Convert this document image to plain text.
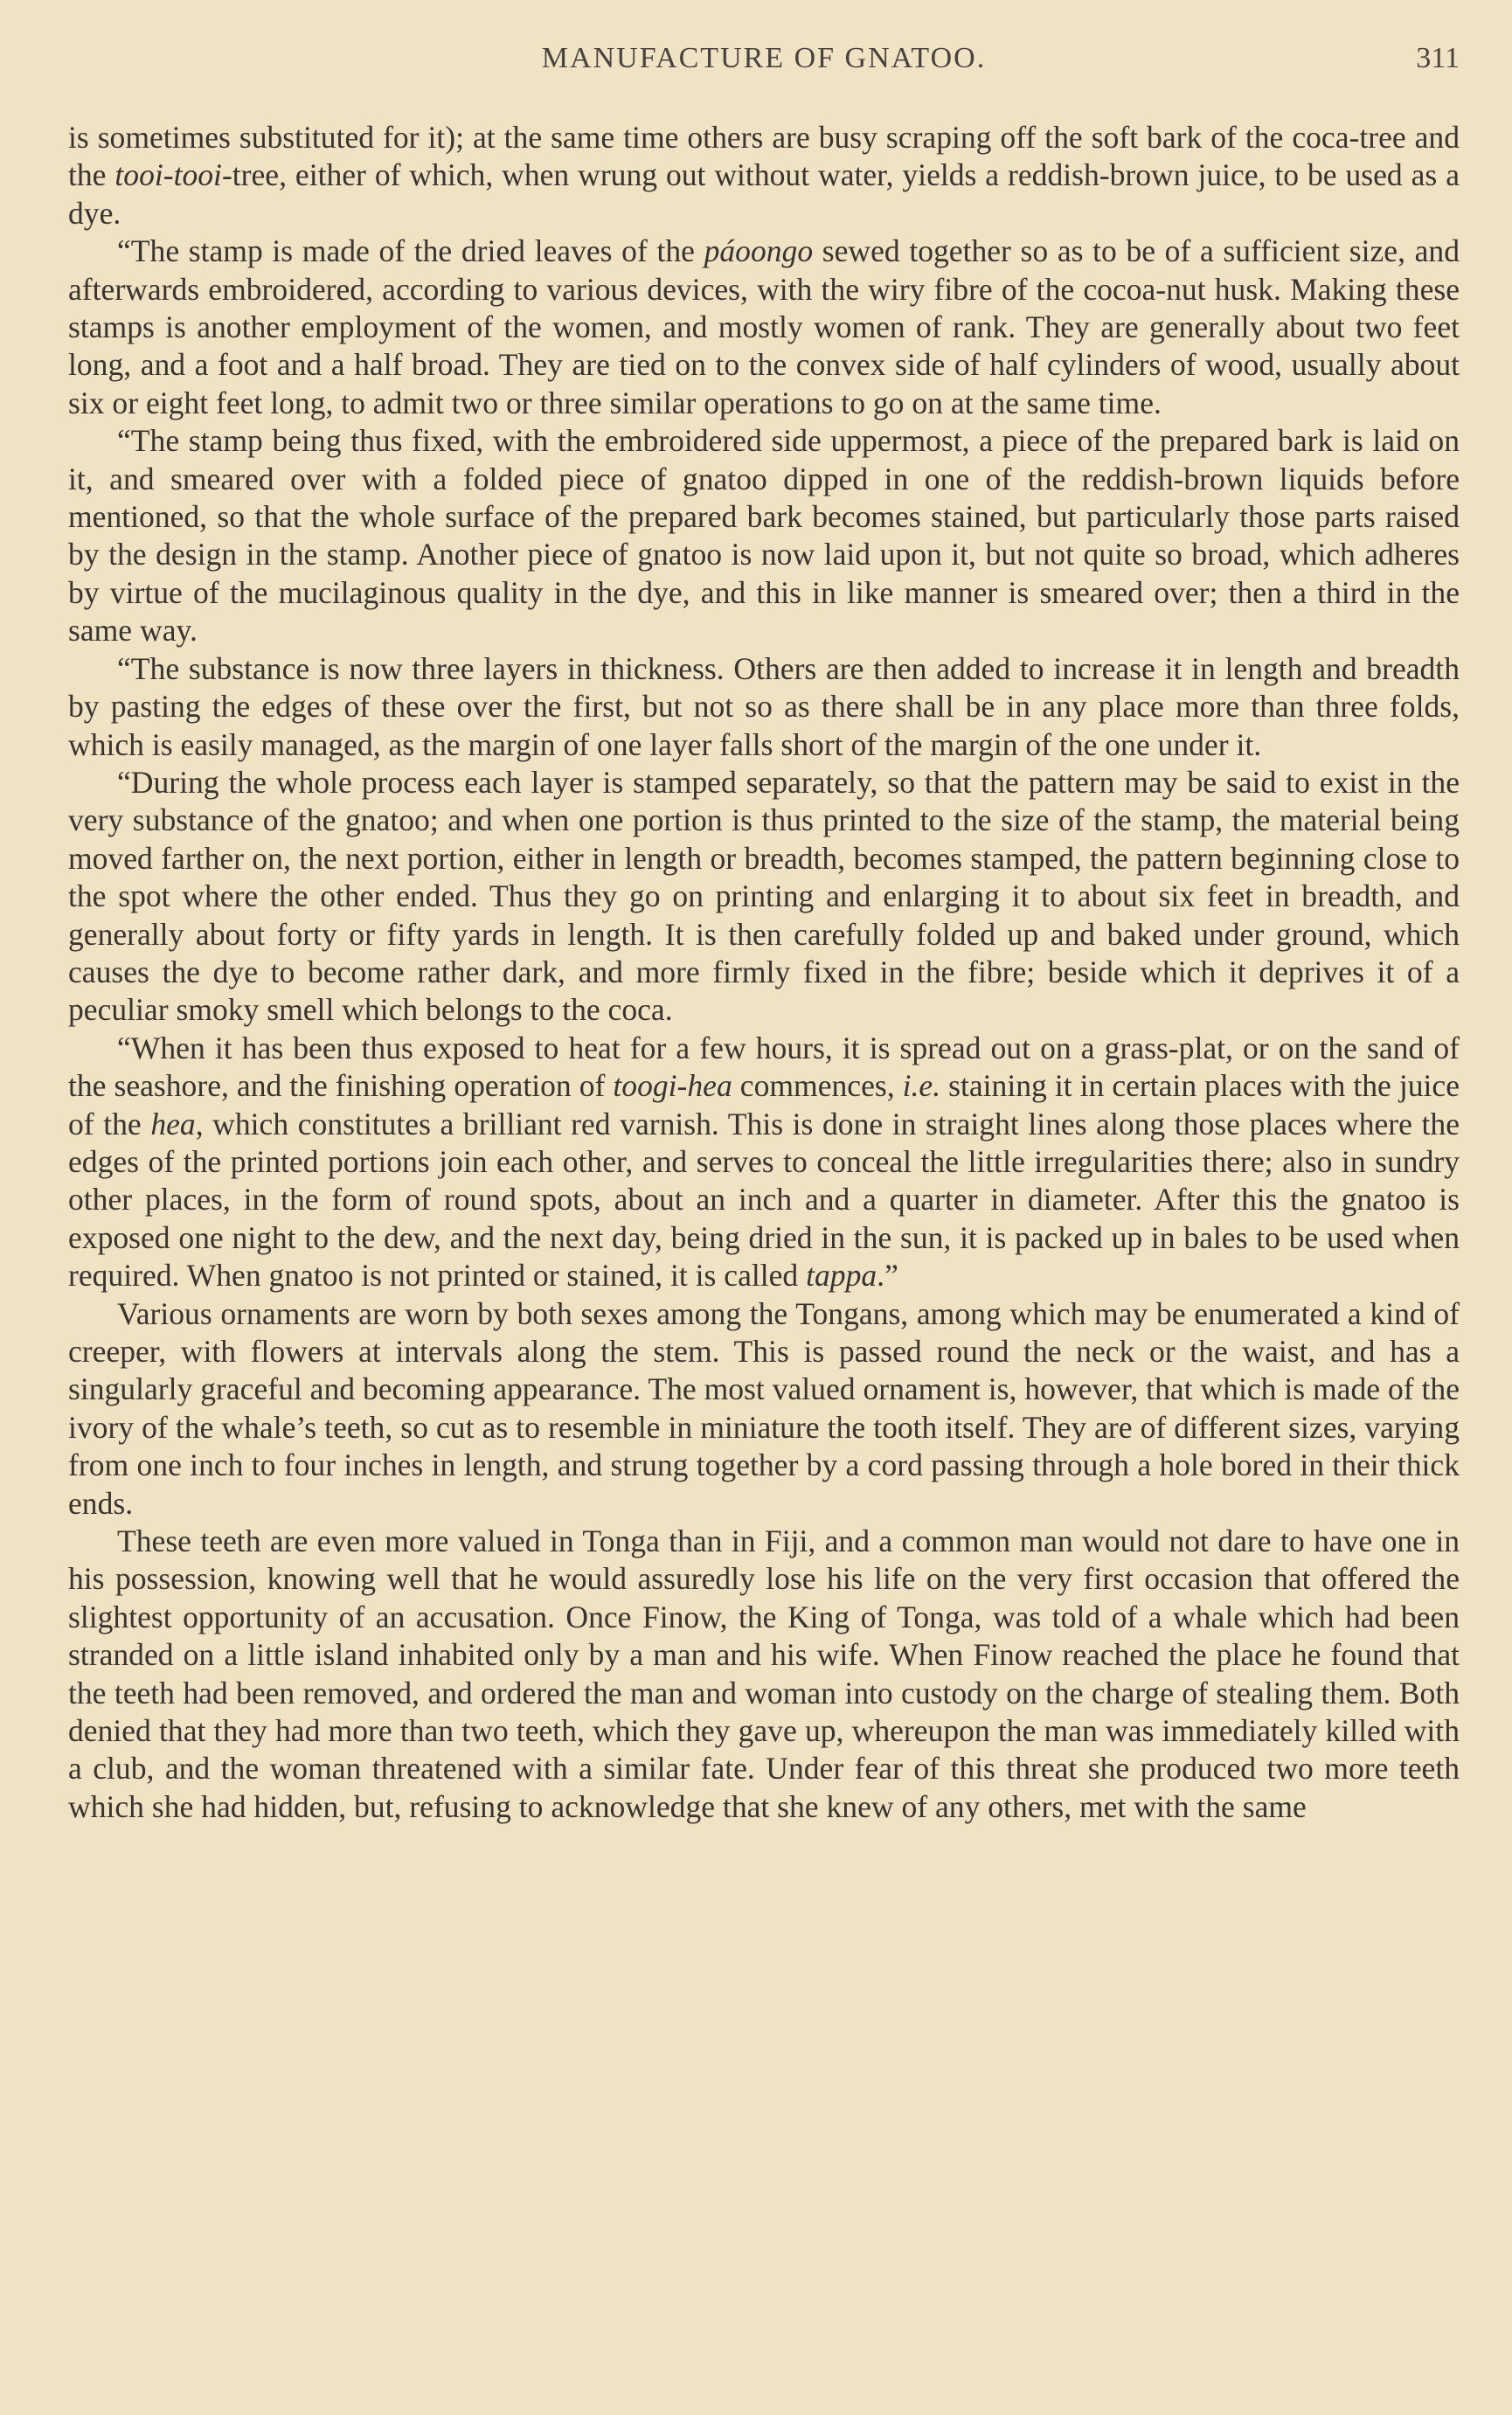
MANUFACTURE OF GNATOO.	311

is sometimes substituted for it); at the same time others are busy scraping off the soft bark of the coca-tree and the tooi-tooi-tree, either of which, when wrung out without water, yields a reddish-brown juice, to be used as a dye.

“The stamp is made of the dried leaves of the páoongo sewed together so as to be of a sufficient size, and afterwards embroidered, according to various devices, with the wiry fibre of the cocoa-nut husk. Making these stamps is another employment of the women, and mostly women of rank. They are generally about two feet long, and a foot and a half broad. They are tied on to the convex side of half cylinders of wood, usually about six or eight feet long, to admit two or three similar operations to go on at the same time.

“The stamp being thus fixed, with the embroidered side uppermost, a piece of the prepared bark is laid on it, and smeared over with a folded piece of gnatoo dipped in one of the reddish-brown liquids before mentioned, so that the whole surface of the prepared bark becomes stained, but particularly those parts raised by the design in the stamp. Another piece of gnatoo is now laid upon it, but not quite so broad, which adheres by virtue of the mucilaginous quality in the dye, and this in like manner is smeared over; then a third in the same way.

“The substance is now three layers in thickness. Others are then added to increase it in length and breadth by pasting the edges of these over the first, but not so as there shall be in any place more than three folds, which is easily managed, as the margin of one layer falls short of the margin of the one under it.

“During the whole process each layer is stamped separately, so that the pattern may be said to exist in the very substance of the gnatoo; and when one portion is thus printed to the size of the stamp, the material being moved farther on, the next portion, either in length or breadth, becomes stamped, the pattern beginning close to the spot where the other ended. Thus they go on printing and enlarging it to about six feet in breadth, and generally about forty or fifty yards in length. It is then carefully folded up and baked under ground, which causes the dye to become rather dark, and more firmly fixed in the fibre; beside which it deprives it of a peculiar smoky smell which belongs to the coca.

“When it has been thus exposed to heat for a few hours, it is spread out on a grass-plat, or on the sand of the seashore, and the finishing operation of toogi-hea commences, i.e. staining it in certain places with the juice of the hea, which constitutes a brilliant red varnish. This is done in straight lines along those places where the edges of the printed portions join each other, and serves to conceal the little irregularities there; also in sundry other places, in the form of round spots, about an inch and a quarter in diameter. After this the gnatoo is exposed one night to the dew, and the next day, being dried in the sun, it is packed up in bales to be used when required. When gnatoo is not printed or stained, it is called tappa.”

Various ornaments are worn by both sexes among the Tongans, among which may be enumerated a kind of creeper, with flowers at intervals along the stem. This is passed round the neck or the waist, and has a singularly graceful and becoming appearance. The most valued ornament is, however, that which is made of the ivory of the whale’s teeth, so cut as to resemble in miniature the tooth itself. They are of different sizes, varying from one inch to four inches in length, and strung together by a cord passing through a hole bored in their thick ends.

These teeth are even more valued in Tonga than in Fiji, and a common man would not dare to have one in his possession, knowing well that he would assuredly lose his life on the very first occasion that offered the slightest opportunity of an accusation. Once Finow, the King of Tonga, was told of a whale which had been stranded on a little island inhabited only by a man and his wife. When Finow reached the place he found that the teeth had been removed, and ordered the man and woman into custody on the charge of stealing them. Both denied that they had more than two teeth, which they gave up, whereupon the man was immediately killed with a club, and the woman threatened with a similar fate. Under fear of this threat she produced two more teeth which she had hidden, but, refusing to acknowledge that she knew of any others, met with the same
